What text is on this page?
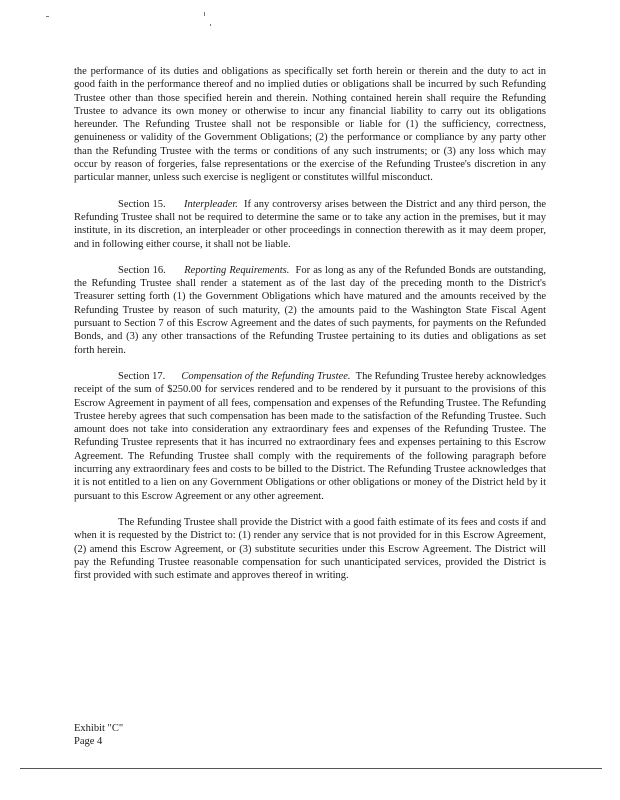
the performance of its duties and obligations as specifically set forth herein or therein and the duty to act in good faith in the performance thereof and no implied duties or obligations shall be incurred by such Refunding Trustee other than those specified herein and therein. Nothing contained herein shall require the Refunding Trustee to advance its own money or otherwise to incur any financial liability to carry out its obligations hereunder. The Refunding Trustee shall not be responsible or liable for (1) the sufficiency, correctness, genuineness or validity of the Government Obligations; (2) the performance or compliance by any party other than the Refunding Trustee with the terms or conditions of any such instruments; or (3) any loss which may occur by reason of forgeries, false representations or the exercise of the Refunding Trustee's discretion in any particular manner, unless such exercise is negligent or constitutes willful misconduct.

Section 15. Interpleader. If any controversy arises between the District and any third person, the Refunding Trustee shall not be required to determine the same or to take any action in the premises, but it may institute, in its discretion, an interpleader or other proceedings in connection therewith as it may deem proper, and in following either course, it shall not be liable.

Section 16. Reporting Requirements. For as long as any of the Refunded Bonds are outstanding, the Refunding Trustee shall render a statement as of the last day of the preceding month to the District's Treasurer setting forth (1) the Government Obligations which have matured and the amounts received by the Refunding Trustee by reason of such maturity, (2) the amounts paid to the Washington State Fiscal Agent pursuant to Section 7 of this Escrow Agreement and the dates of such payments, for payments on the Refunded Bonds, and (3) any other transactions of the Refunding Trustee pertaining to its duties and obligations as set forth herein.

Section 17. Compensation of the Refunding Trustee. The Refunding Trustee hereby acknowledges receipt of the sum of $250.00 for services rendered and to be rendered by it pursuant to the provisions of this Escrow Agreement in payment of all fees, compensation and expenses of the Refunding Trustee. The Refunding Trustee hereby agrees that such compensation has been made to the satisfaction of the Refunding Trustee. Such amount does not take into consideration any extraordinary fees and expenses of the Refunding Trustee. The Refunding Trustee represents that it has incurred no extraordinary fees and expenses pertaining to this Escrow Agreement. The Refunding Trustee shall comply with the requirements of the following paragraph before incurring any extraordinary fees and costs to be billed to the District. The Refunding Trustee acknowledges that it is not entitled to a lien on any Government Obligations or other obligations or money of the District held by it pursuant to this Escrow Agreement or any other agreement.

The Refunding Trustee shall provide the District with a good faith estimate of its fees and costs if and when it is requested by the District to: (1) render any service that is not provided for in this Escrow Agreement, (2) amend this Escrow Agreement, or (3) substitute securities under this Escrow Agreement. The District will pay the Refunding Trustee reasonable compensation for such unanticipated services, provided the District is first provided with such estimate and approves thereof in writing.

Exhibit "C"
Page 4
